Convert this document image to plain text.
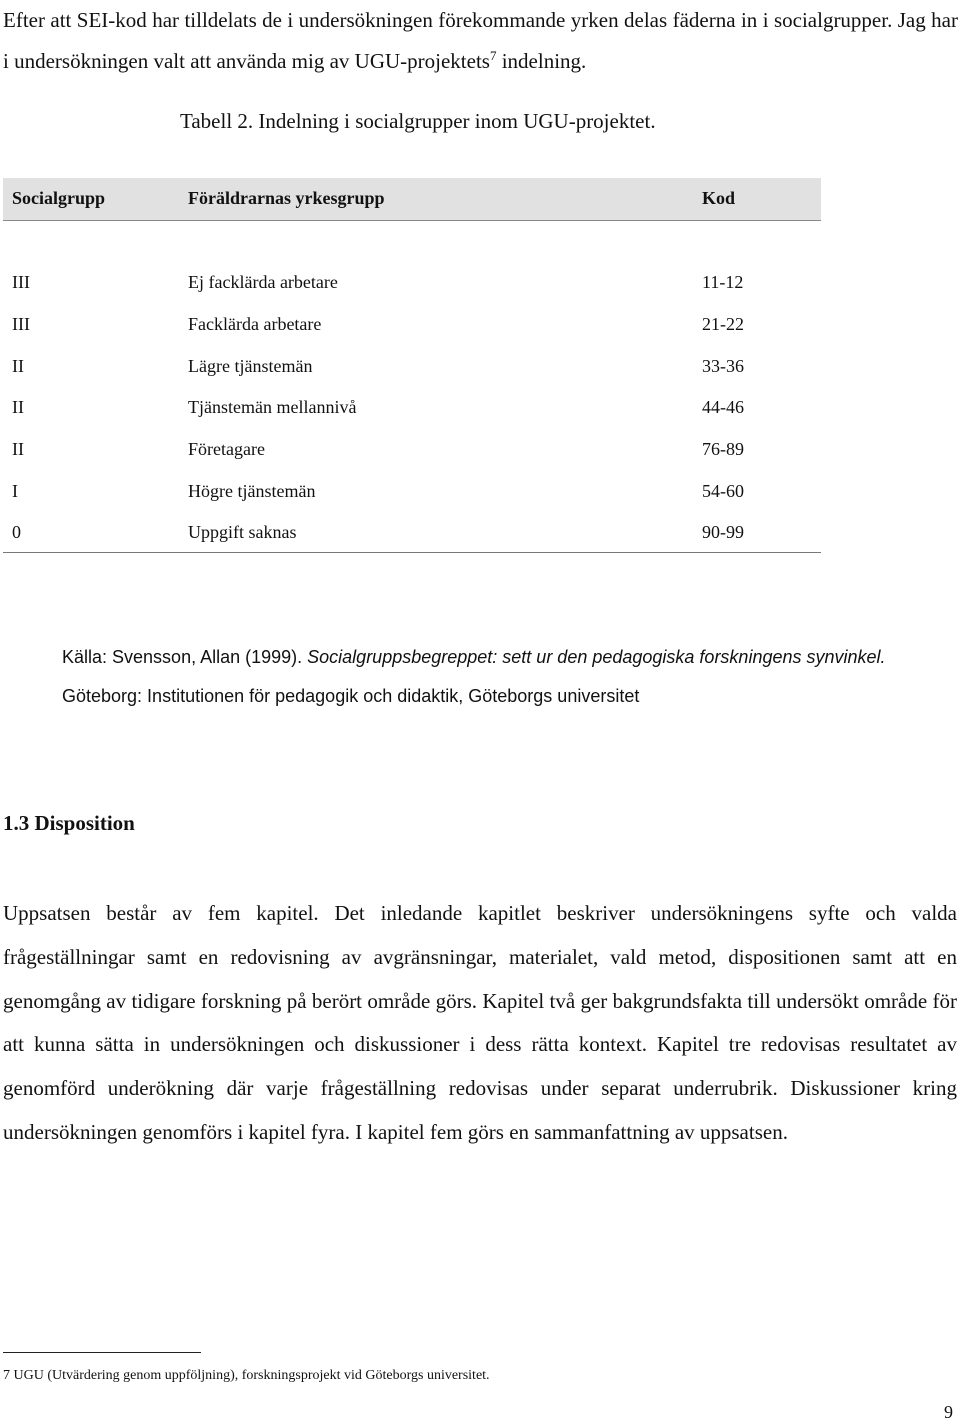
Efter att SEI-kod har tilldelats de i undersökningen förekommande yrken delas fäderna in i socialgrupper. Jag har i undersökningen valt att använda mig av UGU-projektets$^7$ indelning.
Tabell 2. Indelning i socialgrupper inom UGU-projektet.
Socialgrupp	Föräldrarnas yrkesgrupp	Kod
III	Ej facklärda arbetare	11-12
III	Facklärda arbetare	21-22
II	Lägre tjänstemän	33-36
II	Tjänstemän mellannivå	44-46
II	Företagare	76-89
I	Högre tjänstemän	54-60
0	Uppgift saknas	90-99
Källa: Svensson, Allan (1999). Socialgruppsbegreppet: sett ur den pedagogiska forskningens synvinkel.
Göteborg: Institutionen för pedagogik och didaktik, Göteborgs universitet
1.3 Disposition
Uppsatsen består av fem kapitel. Det inledande kapitlet beskriver undersökningens syfte och valda frågeställningar samt en redovisning av avgränsningar, materialet, vald metod, dispositionen samt att en genomgång av tidigare forskning på berört område görs. Kapitel två ger bakgrundsfakta till undersökt område för att kunna sätta in undersökningen och diskussioner i dess rätta kontext. Kapitel tre redovisas resultatet av genomförd underökning där varje frågeställning redovisas under separat underrubrik. Diskussioner kring undersökningen genomförs i kapitel fyra. I kapitel fem görs en sammanfattning av uppsatsen.
7 UGU (Utvärdering genom uppföljning), forskningsprojekt vid Göteborgs universitet.
9
